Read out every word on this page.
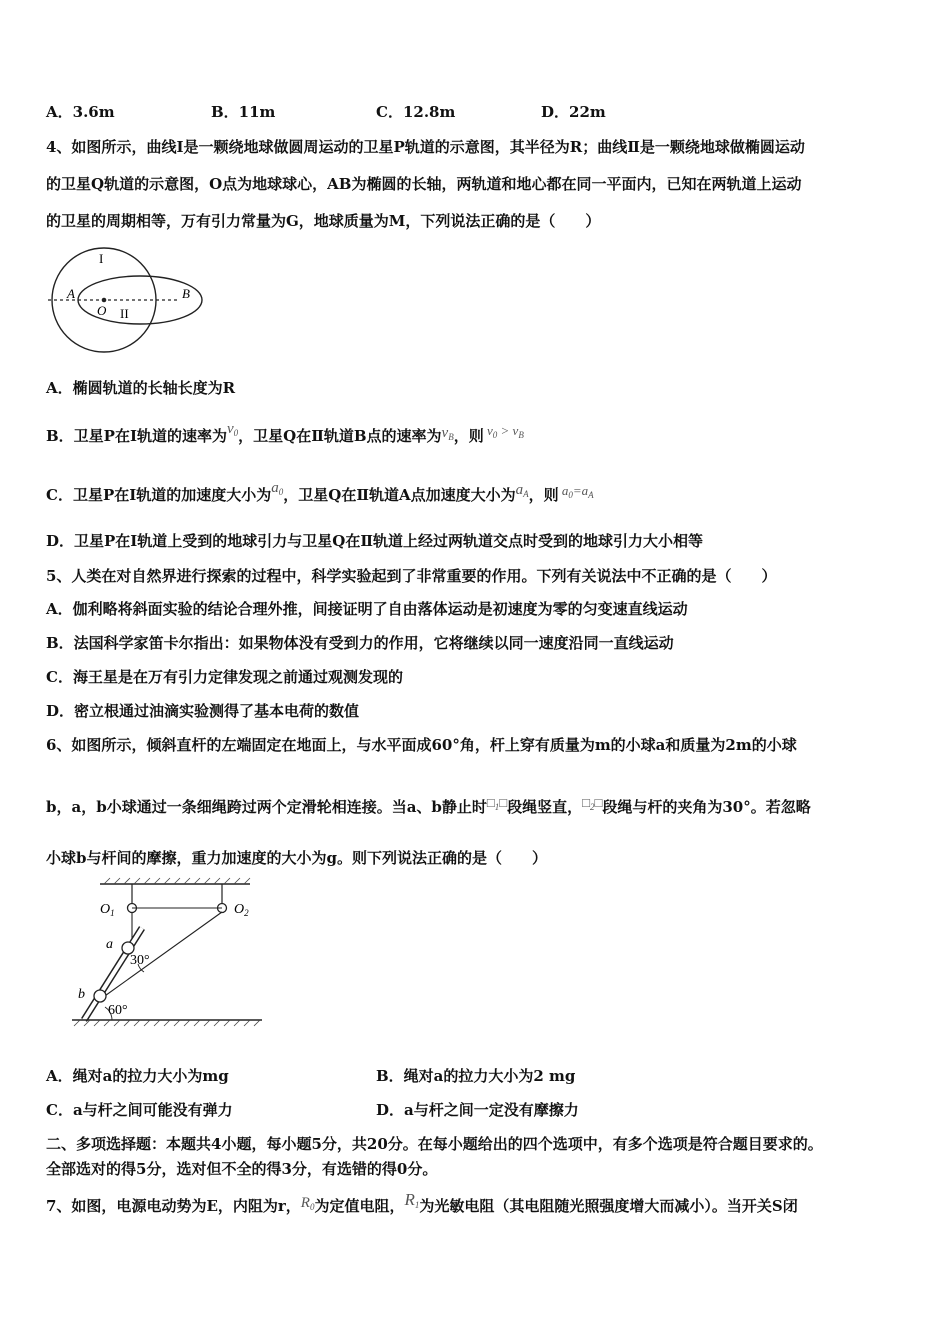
A．3.6m	B．11m	C．12.8m	D．22m
4、如图所示，曲线Ⅰ是一颗绕地球做圆周运动的卫星P轨道的示意图，其半径为R；曲线Ⅱ是一颗绕地球做椭圆运动
的卫星Q轨道的示意图，O点为地球球心，AB为椭圆的长轴，两轨道和地心都在同一平面内，已知在两轨道上运动
的卫星的周期相等，万有引力常量为G，地球质量为M，下列说法正确的是（　　）
I
II
A	B
O
A．椭圆轨道的长轴长度为R
B．卫星P在Ⅰ轨道的速率为$v_0$，卫星Q在Ⅱ轨道B点的速率为$v_B$，则 $v_0 > v_B$
C．卫星P在Ⅰ轨道的加速度大小为$a_0$，卫星Q在Ⅱ轨道A点加速度大小为$a_A$，则 $a_0=a_A$
D．卫星P在Ⅰ轨道上受到的地球引力与卫星Q在Ⅱ轨道上经过两轨道交点时受到的地球引力大小相等
5、人类在对自然界进行探索的过程中，科学实验起到了非常重要的作用。下列有关说法中不正确的是（　　）
A．伽利略将斜面实验的结论合理外推，间接证明了自由落体运动是初速度为零的匀变速直线运动
B．法国科学家笛卡尔指出：如果物体没有受到力的作用，它将继续以同一速度沿同一直线运动
C．海王星是在万有引力定律发现之前通过观测发现的
D．密立根通过油滴实验测得了基本电荷的数值
6、如图所示，倾斜直杆的左端固定在地面上，与水平面成60°角，杆上穿有质量为m的小球a和质量为2m的小球
b，a，b小球通过一条细绳跨过两个定滑轮相连接。当a、b静止时$□_1□$段绳竖直，$□_2□$段绳与杆的夹角为30°。若忽略
小球b与杆间的摩擦，重力加速度的大小为g。则下列说法正确的是（　　）
$O_1$	$O_2$
a
b
30°
60°
A．绳对a的拉力大小为mg	B．绳对a的拉力大小为2 mg
C．a与杆之间可能没有弹力	D．a与杆之间一定没有摩擦力
二、多项选择题：本题共4小题，每小题5分，共20分。在每小题给出的四个选项中，有多个选项是符合题目要求的。
全部选对的得5分，选对但不全的得3分，有选错的得0分。
7、如图，电源电动势为E，内阻为r，$R_0$为定值电阻，$R_1$为光敏电阻（其电阻随光照强度增大而减小）。当开关S闭
